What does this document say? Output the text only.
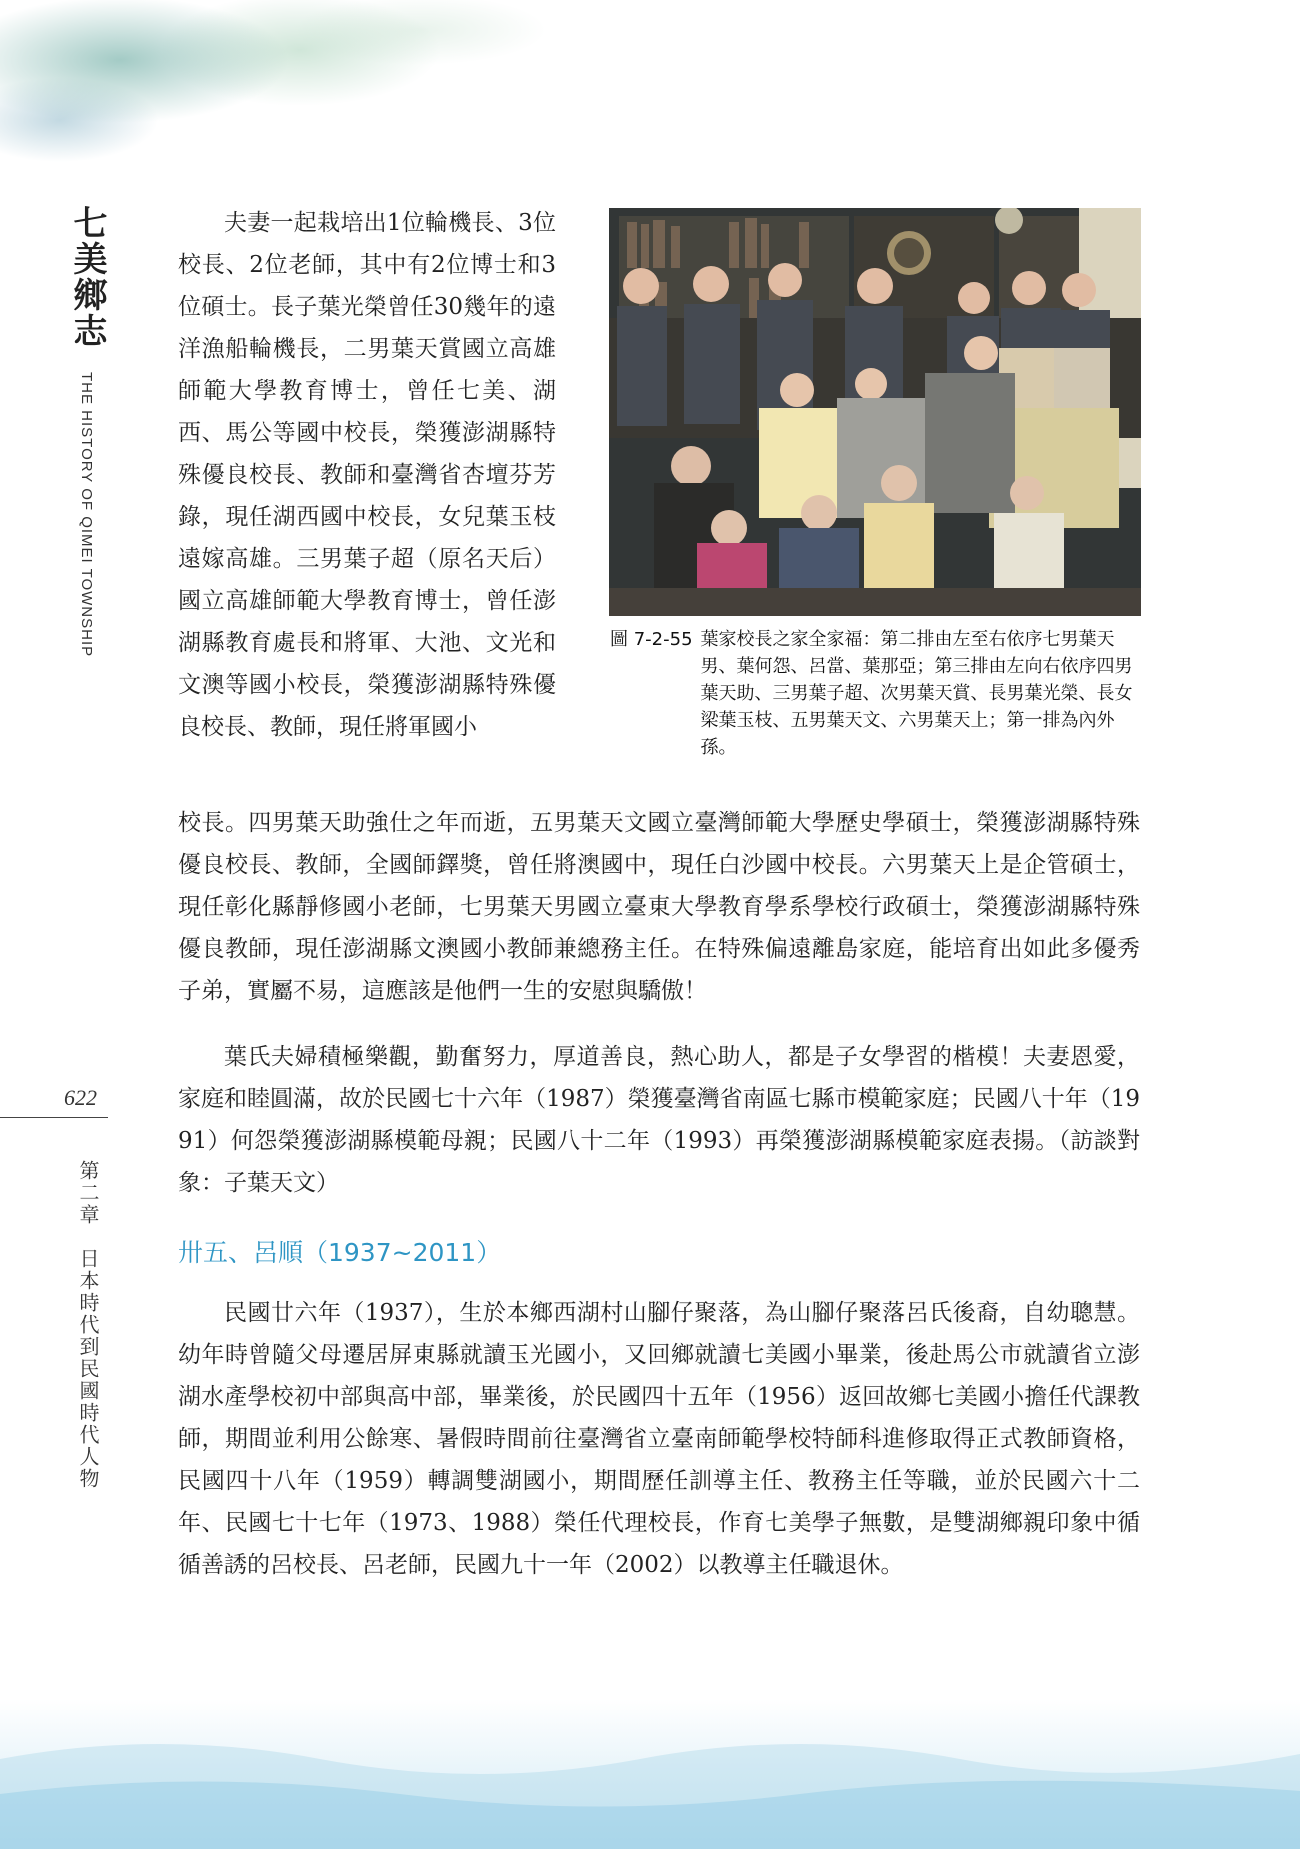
七美鄉志
THE HISTORY OF QIMEI TOWNSHIP
622
第二章　日本時代到民國時代人物

夫妻一起栽培出1位輪機長、3位校長、2位老師，其中有2位博士和3位碩士。長子葉光榮曾任30幾年的遠洋漁船輪機長，二男葉天賞國立高雄師範大學教育博士，曾任七美、湖西、馬公等國中校長，榮獲澎湖縣特殊優良校長、教師和臺灣省杏壇芬芳錄，現任湖西國中校長，女兒葉玉枝遠嫁高雄。三男葉子超（原名天后） 國立高雄師範大學教育博士，曾任澎湖縣教育處長和將軍、大池、文光和文澳等國小校長，榮獲澎湖縣特殊優良校長、教師，現任將軍國小

圖 7-2-55 葉家校長之家全家福：第二排由左至右依序七男葉天男、葉何怨、呂當、葉那亞；第三排由左向右依序四男葉天助、三男葉子超、次男葉天賞、長男葉光榮、長女梁葉玉枝、五男葉天文、六男葉天上；第一排為內外孫。

校長。四男葉天助強仕之年而逝，五男葉天文國立臺灣師範大學歷史學碩士，榮獲澎湖縣特殊優良校長、教師，全國師鐸獎，曾任將澳國中，現任白沙國中校長。六男葉天上是企管碩士，現任彰化縣靜修國小老師，七男葉天男國立臺東大學教育學系學校行政碩士，榮獲澎湖縣特殊優良教師，現任澎湖縣文澳國小教師兼總務主任。在特殊偏遠離島家庭，能培育出如此多優秀子弟，實屬不易，這應該是他們一生的安慰與驕傲！

葉氏夫婦積極樂觀，勤奮努力，厚道善良，熱心助人，都是子女學習的楷模！夫妻恩愛，家庭和睦圓滿，故於民國七十六年（1987）榮獲臺灣省南區七縣市模範家庭；民國八十年（1991）何怨榮獲澎湖縣模範母親；民國八十二年（1993）再榮獲澎湖縣模範家庭表揚。（訪談對象：子葉天文）

卅五、呂順（1937~2011）

民國廿六年（1937），生於本鄉西湖村山腳仔聚落，為山腳仔聚落呂氏後裔，自幼聰慧。幼年時曾隨父母遷居屏東縣就讀玉光國小，又回鄉就讀七美國小畢業，後赴馬公市就讀省立澎湖水產學校初中部與高中部，畢業後，於民國四十五年（1956）返回故鄉七美國小擔任代課教師，期間並利用公餘寒、暑假時間前往臺灣省立臺南師範學校特師科進修取得正式教師資格，民國四十八年（1959）轉調雙湖國小，期間歷任訓導主任、教務主任等職，並於民國六十二年、民國七十七年（1973、1988）榮任代理校長，作育七美學子無數，是雙湖鄉親印象中循循善誘的呂校長、呂老師，民國九十一年（2002）以教導主任職退休。
